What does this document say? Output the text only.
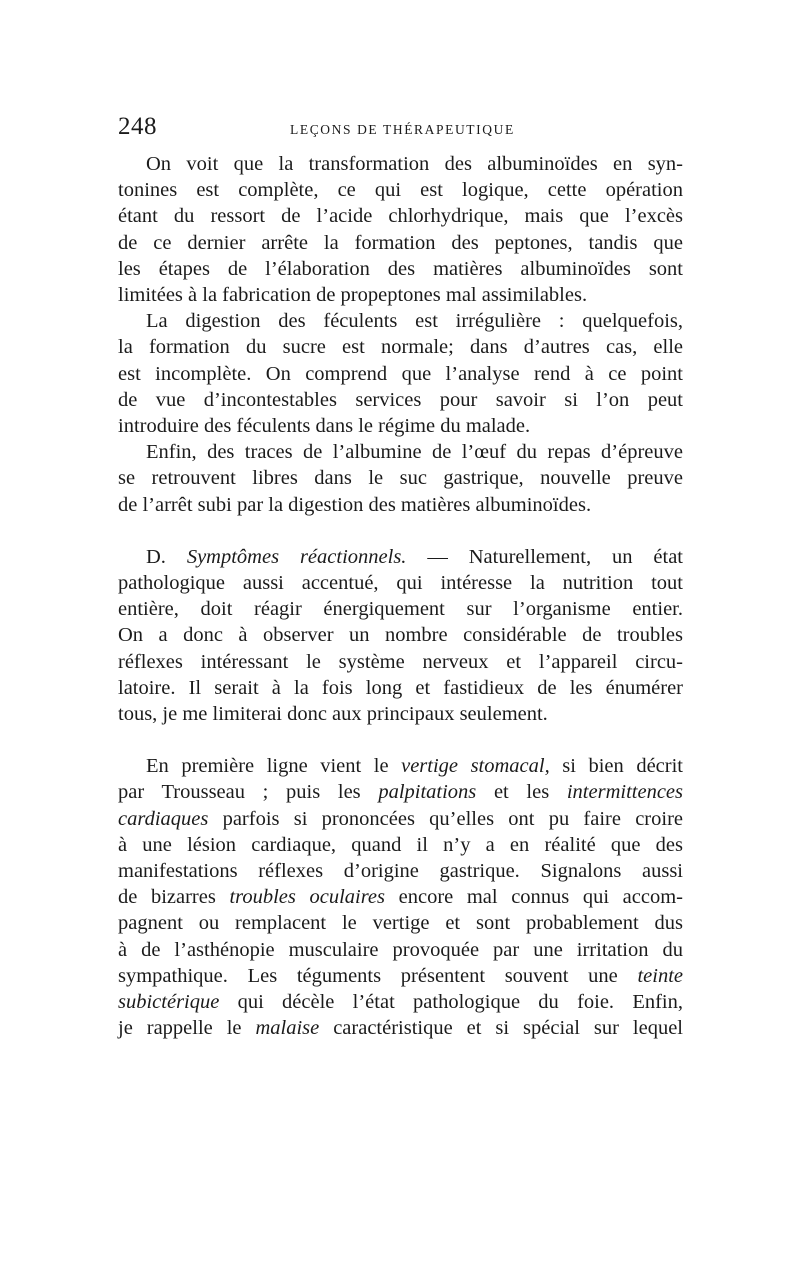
248	LEÇONS DE THÉRAPEUTIQUE
On voit que la transformation des albuminoïdes en syn-
tonines est complète, ce qui est logique, cette opération
étant du ressort de l’acide chlorhydrique, mais que l’excès
de ce dernier arrête la formation des peptones, tandis que
les étapes de l’élaboration des matières albuminoïdes sont
limitées à la fabrication de propeptones mal assimilables.
La digestion des féculents est irrégulière : quelquefois,
la formation du sucre est normale; dans d’autres cas, elle
est incomplète. On comprend que l’analyse rend à ce point
de vue d’incontestables services pour savoir si l’on peut
introduire des féculents dans le régime du malade.
Enfin, des traces de l’albumine de l’œuf du repas d’épreuve
se retrouvent libres dans le suc gastrique, nouvelle preuve
de l’arrêt subi par la digestion des matières albuminoïdes.
D. Symptômes réactionnels. — Naturellement, un état
pathologique aussi accentué, qui intéresse la nutrition tout
entière, doit réagir énergiquement sur l’organisme entier.
On a donc à observer un nombre considérable de troubles
réflexes intéressant le système nerveux et l’appareil circu-
latoire. Il serait à la fois long et fastidieux de les énumérer
tous, je me limiterai donc aux principaux seulement.
En première ligne vient le vertige stomacal, si bien décrit
par Trousseau ; puis les palpitations et les intermittences
cardiaques parfois si prononcées qu’elles ont pu faire croire
à une lésion cardiaque, quand il n’y a en réalité que des
manifestations réflexes d’origine gastrique. Signalons aussi
de bizarres troubles oculaires encore mal connus qui accom-
pagnent ou remplacent le vertige et sont probablement dus
à de l’asthénopie musculaire provoquée par une irritation du
sympathique. Les téguments présentent souvent une teinte
subictérique qui décèle l’état pathologique du foie. Enfin,
je rappelle le malaise caractéristique et si spécial sur lequel
